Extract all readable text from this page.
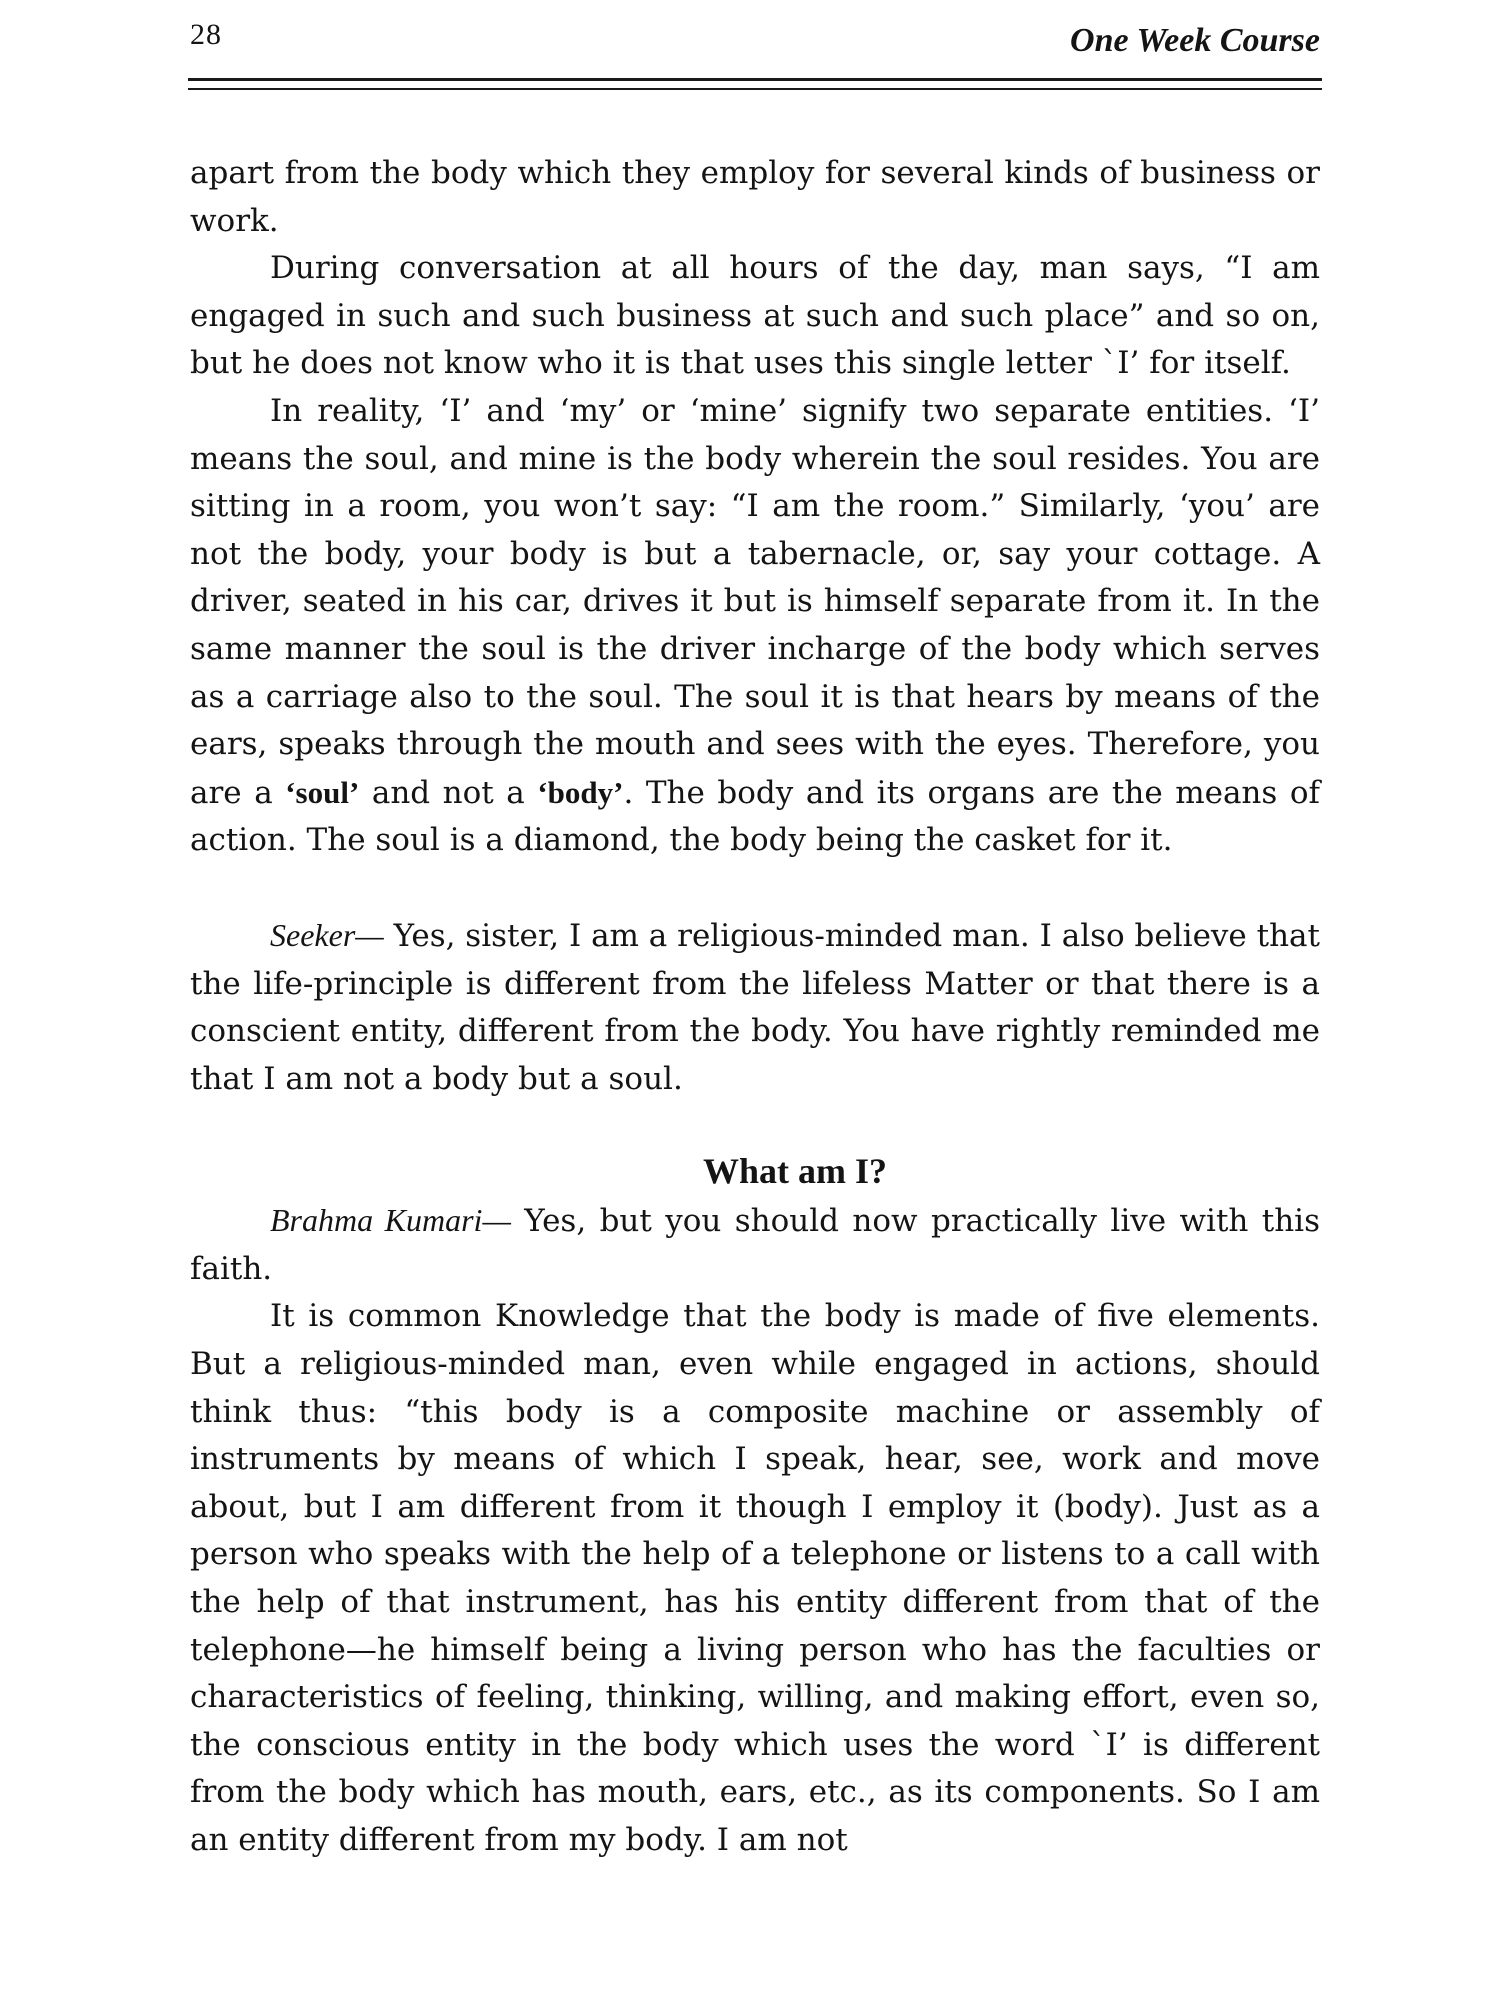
28	One Week Course

apart from the body which they employ for several kinds of business or work.

During conversation at all hours of the day, man says, “I am engaged in such and such business at such and such place” and so on, but he does not know who it is that uses this single letter `I’ for itself.

In reality, ‘I’ and ‘my’ or ‘mine’ signify two separate entities. ‘I’ means the soul, and mine is the body wherein the soul resides. You are sitting in a room, you won’t say: “I am the room.” Similarly, ‘you’ are not the body, your body is but a tabernacle, or, say your cottage. A driver, seated in his car, drives it but is himself separate from it. In the same manner the soul is the driver incharge of the body which serves as a carriage also to the soul. The soul it is that hears by means of the ears, speaks through the mouth and sees with the eyes. Therefore, you are a ‘soul’ and not a ‘body’. The body and its organs are the means of action. The soul is a diamond, the body being the casket for it.

Seeker— Yes, sister, I am a religious-minded man. I also believe that the life-principle is different from the lifeless Matter or that there is a conscient entity, different from the body. You have rightly reminded me that I am not a body but a soul.

What am I?

Brahma Kumari— Yes, but you should now practically live with this faith.

It is common Knowledge that the body is made of five elements. But a religious-minded man, even while engaged in actions, should think thus: “this body is a composite machine or assembly of instruments by means of which I speak, hear, see, work and move about, but I am different from it though I employ it (body). Just as a person who speaks with the help of a telephone or listens to a call with the help of that instrument, has his entity different from that of the telephone—he himself being a living person who has the faculties or characteristics of feeling, thinking, willing, and making effort, even so, the conscious entity in the body which uses the word `I’ is different from the body which has mouth, ears, etc., as its components. So I am an entity different from my body. I am not
